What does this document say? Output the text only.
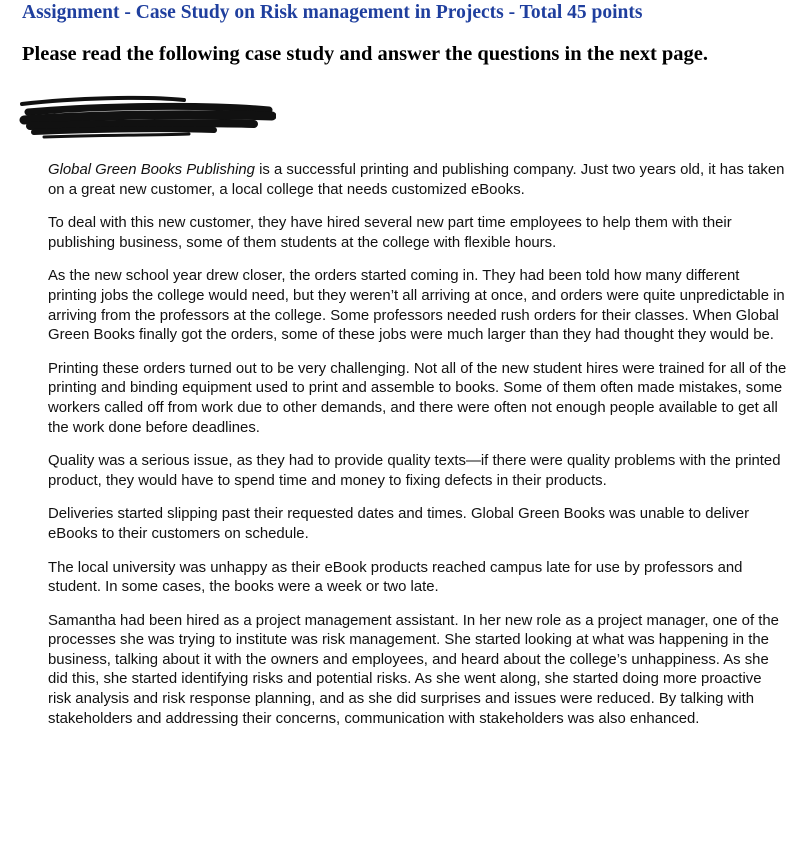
Assignment - Case Study on Risk management in Projects - Total 45 points
Please read the following case study and answer the questions in the next page.

Global Green Books Publishing is a successful printing and publishing company. Just two years old, it has taken on a great new customer, a local college that needs customized eBooks.

To deal with this new customer, they have hired several new part time employees to help them with their publishing business, some of them students at the college with flexible hours.

As the new school year drew closer, the orders started coming in. They had been told how many different printing jobs the college would need, but they weren’t all arriving at once, and orders were quite unpredictable in arriving from the professors at the college. Some professors needed rush orders for their classes. When Global Green Books finally got the orders, some of these jobs were much larger than they had thought they would be.

Printing these orders turned out to be very challenging. Not all of the new student hires were trained for all of the printing and binding equipment used to print and assemble to books. Some of them often made mistakes, some workers called off from work due to other demands, and there were often not enough people available to get all the work done before deadlines.

Quality was a serious issue, as they had to provide quality texts—if there were quality problems with the printed product, they would have to spend time and money to fixing defects in their products.

Deliveries started slipping past their requested dates and times. Global Green Books was unable to deliver eBooks to their customers on schedule.

The local university was unhappy as their eBook products reached campus late for use by professors and student. In some cases, the books were a week or two late.

Samantha had been hired as a project management assistant. In her new role as a project manager, one of the processes she was trying to institute was risk management. She started looking at what was happening in the business, talking about it with the owners and employees, and heard about the college’s unhappiness. As she did this, she started identifying risks and potential risks. As she went along, she started doing more proactive risk analysis and risk response planning, and as she did surprises and issues were reduced. By talking with stakeholders and addressing their concerns, communication with stakeholders was also enhanced.
